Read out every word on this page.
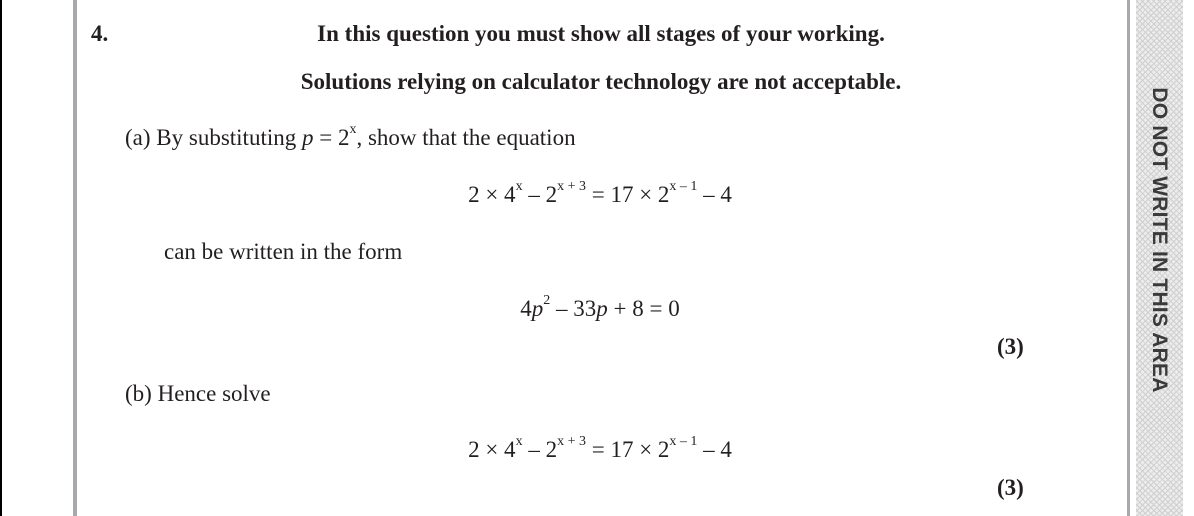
DO NOT WRITE IN THIS AREA
4.	In this question you must show all stages of your working.
Solutions relying on calculator technology are not acceptable.
(a) By substituting $p = 2^x$, show that the equation
$2 \times 4^x - 2^{x + 3} = 17 \times 2^{x - 1} - 4$
can be written in the form
$4p^2 - 33p + 8 = 0$
(3)
(b) Hence solve
$2 \times 4^x - 2^{x + 3} = 17 \times 2^{x - 1} - 4$
(3)
